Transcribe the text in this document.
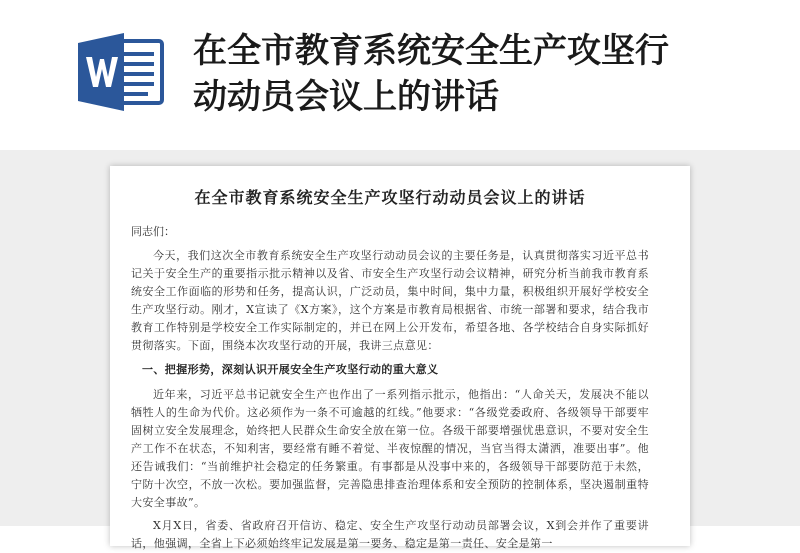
在全市教育系统安全生产攻坚行
动动员会议上的讲话
在全市教育系统安全生产攻坚行动动员会议上的讲话
同志们：

今天，我们这次全市教育系统安全生产攻坚行动动员会议的主要任务是，认真贯彻落实习近平总书记关于安全生产的重要指示批示精神以及省、市安全生产攻坚行动会议精神，研究分析当前我市教育系统安全工作面临的形势和任务，提高认识，广泛动员，集中时间，集中力量，积极组织开展好学校安全生产攻坚行动。刚才，X宣读了《X方案》，这个方案是市教育局根据省、市统一部署和要求，结合我市教育工作特别是学校安全工作实际制定的，并已在网上公开发布，希望各地、各学校结合自身实际抓好贯彻落实。下面，围绕本次攻坚行动的开展，我讲三点意见：

一、把握形势，深刻认识开展安全生产攻坚行动的重大意义

近年来，习近平总书记就安全生产也作出了一系列指示批示，他指出：“人命关天，发展决不能以牺牲人的生命为代价。这必须作为一条不可逾越的红线。”他要求：“各级党委政府、各级领导干部要牢固树立安全发展理念，始终把人民群众生命安全放在第一位。各级干部要增强忧患意识，不要对安全生产工作不在状态，不知利害，要经常有睡不着觉、半夜惊醒的情况，当官当得太潇洒，准要出事”。他还告诫我们：“当前维护社会稳定的任务繁重。有事都是从没事中来的，各级领导干部要防范于未然，宁防十次空，不放一次松。要加强监督，完善隐患排查治理体系和安全预防的控制体系，坚决遏制重特大安全事故”。

X月X日，省委、省政府召开信访、稳定、安全生产攻坚行动动员部署会议，X到会并作了重要讲话，他强调，全省上下必须始终牢记发展是第一要务、稳定是第一责任、安全是第一
